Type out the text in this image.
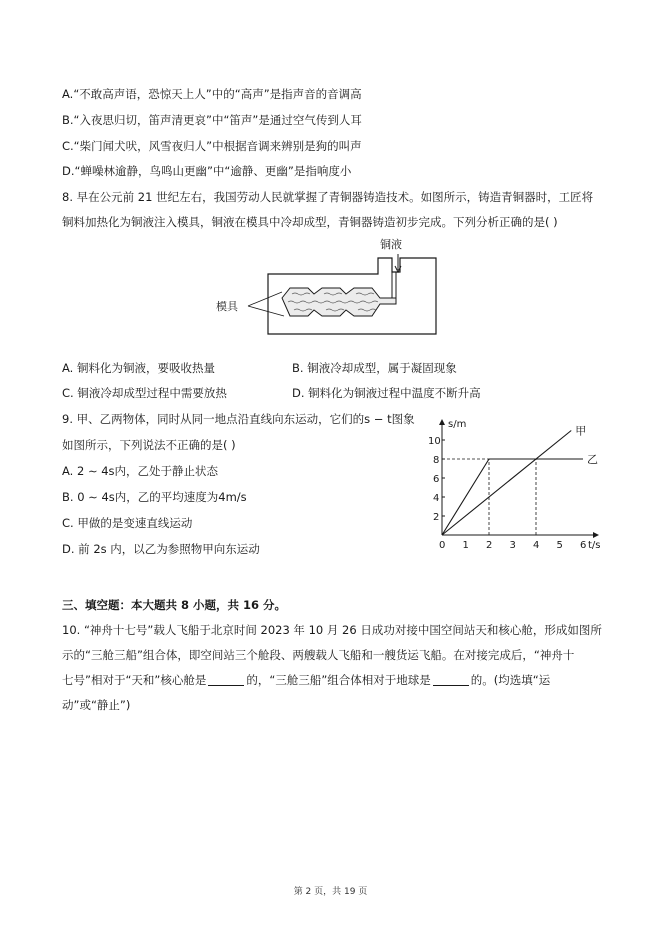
A.“不敢高声语，恐惊天上人”中的“高声”是指声音的音调高
B.“入夜思归切，笛声清更哀”中“笛声”是通过空气传到人耳
C.“柴门闻犬吠，风雪夜归人”中根据音调来辨别是狗的叫声
D.“蝉噪林逾静，鸟鸣山更幽”中“逾静、更幽”是指响度小
8. 早在公元前 21 世纪左右，我国劳动人民就掌握了青铜器铸造技术。如图所示，铸造青铜器时，工匠将
铜料加热化为铜液注入模具，铜液在模具中冷却成型，青铜器铸造初步完成。下列分析正确的是( )
铜液
模具
A. 铜料化为铜液，要吸收热量	B. 铜液冷却成型，属于凝固现象
C. 铜液冷却成型过程中需要放热	D. 铜料化为铜液过程中温度不断升高
9. 甲、乙两物体，同时从同一地点沿直线向东运动，它们的s − t图象
如图所示，下列说法不正确的是( )
A. 2 ∼ 4s内，乙处于静止状态
B. 0 ∼ 4s内，乙的平均速度为4m/s
C. 甲做的是变速直线运动
D. 前 2s 内，以乙为参照物甲向东运动
s/m
t/s
0 1 2 3 4 5 6
2
4
6
8
10
甲
乙
三、填空题：本大题共 8 小题，共 16 分。
10. “神舟十七号”载人飞船于北京时间 2023 年 10 月 26 日成功对接中国空间站天和核心舱，形成如图所
示的“三舱三船”组合体，即空间站三个舱段、两艘载人飞船和一艘货运飞船。在对接完成后，“神舟十
七号”相对于“天和”核心舱是	的，“三舱三船”组合体相对于地球是	的。(均选填“运
动”或“静止”)
第 2 页，共 19 页
